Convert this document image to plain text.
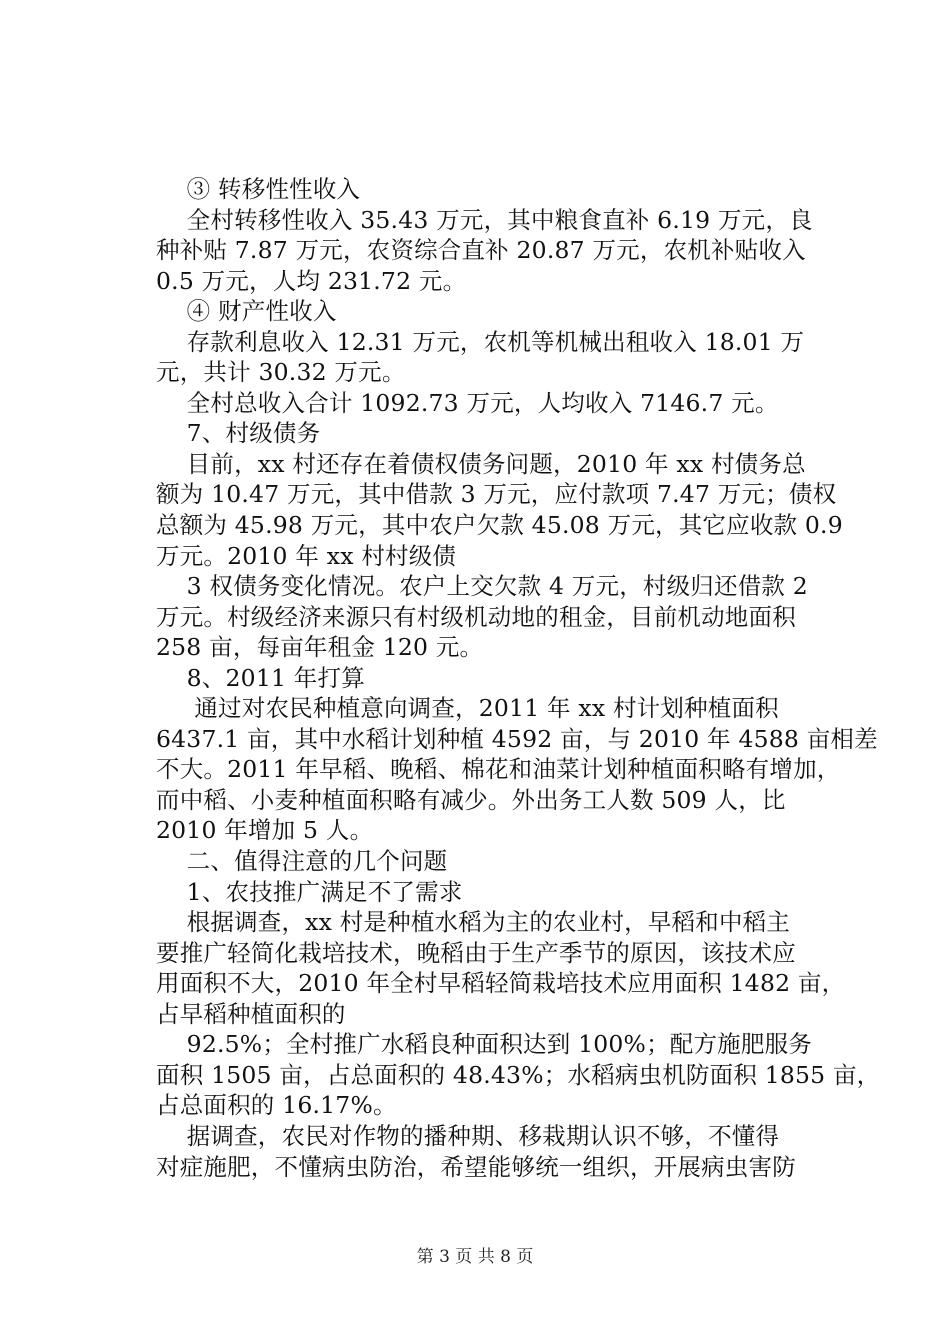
③ 转移性性收入
全村转移性收入 35.43 万元，其中粮食直补 6.19 万元，良
种补贴 7.87 万元，农资综合直补 20.87 万元，农机补贴收入
0.5 万元，人均 231.72 元。
④ 财产性收入
存款利息收入 12.31 万元，农机等机械出租收入 18.01 万
元，共计 30.32 万元。
全村总收入合计 1092.73 万元，人均收入 7146.7 元。
7、村级债务
目前，xx 村还存在着债权债务问题，2010 年 xx 村债务总
额为 10.47 万元，其中借款 3 万元，应付款项 7.47 万元；债权
总额为 45.98 万元，其中农户欠款 45.08 万元，其它应收款 0.9
万元。2010 年 xx 村村级债
3 权债务变化情况。农户上交欠款 4 万元，村级归还借款 2
万元。村级经济来源只有村级机动地的租金，目前机动地面积
258 亩，每亩年租金 120 元。
8、2011 年打算
通过对农民种植意向调查，2011 年 xx 村计划种植面积
6437.1 亩，其中水稻计划种植 4592 亩，与 2010 年 4588 亩相差
不大。2011 年早稻、晚稻、棉花和油菜计划种植面积略有增加，
而中稻、小麦种植面积略有减少。外出务工人数 509 人，比
2010 年增加 5 人。
二、值得注意的几个问题
1、农技推广满足不了需求
根据调查，xx 村是种植水稻为主的农业村，早稻和中稻主
要推广轻简化栽培技术，晚稻由于生产季节的原因，该技术应
用面积不大，2010 年全村早稻轻简栽培技术应用面积 1482 亩，
占早稻种植面积的
92.5%；全村推广水稻良种面积达到 100%；配方施肥服务
面积 1505 亩，占总面积的 48.43%；水稻病虫机防面积 1855 亩，
占总面积的 16.17%。
据调查，农民对作物的播种期、移栽期认识不够，不懂得
对症施肥，不懂病虫防治，希望能够统一组织，开展病虫害防
第 3 页 共 8 页
